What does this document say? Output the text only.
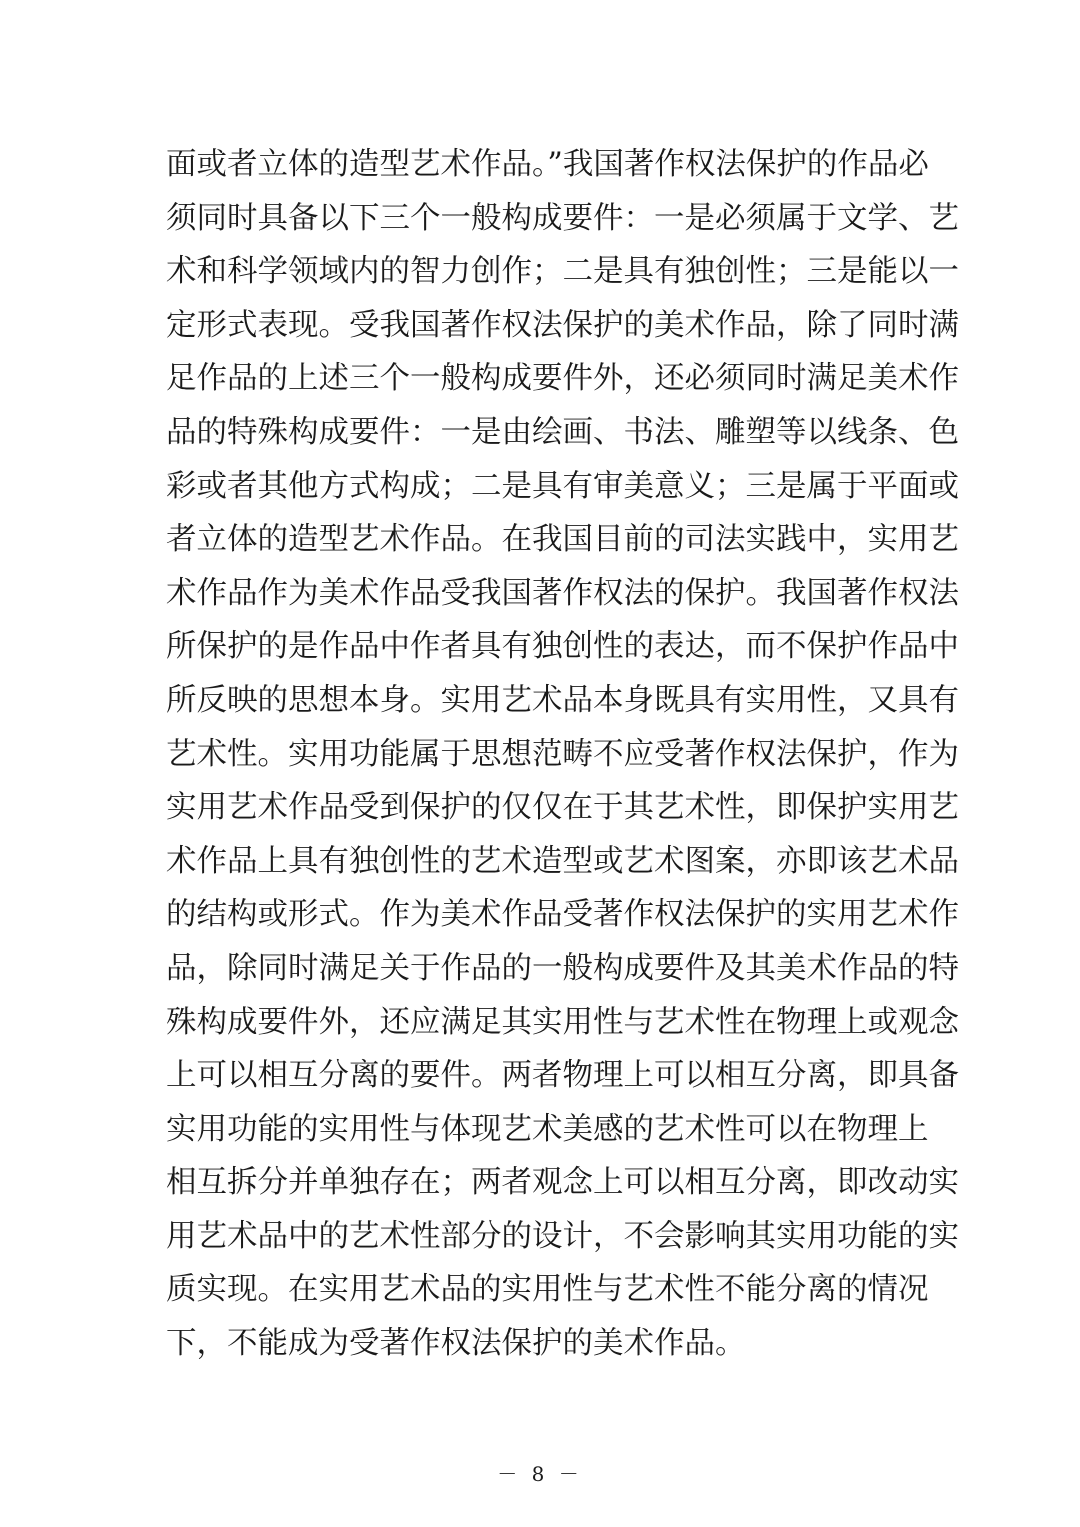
面或者立体的造型艺术作品。”我国著作权法保护的作品必
须同时具备以下三个一般构成要件：一是必须属于文学、艺
术和科学领域内的智力创作；二是具有独创性；三是能以一
定形式表现。受我国著作权法保护的美术作品，除了同时满
足作品的上述三个一般构成要件外，还必须同时满足美术作
品的特殊构成要件：一是由绘画、书法、雕塑等以线条、色
彩或者其他方式构成；二是具有审美意义；三是属于平面或
者立体的造型艺术作品。在我国目前的司法实践中，实用艺
术作品作为美术作品受我国著作权法的保护。我国著作权法
所保护的是作品中作者具有独创性的表达，而不保护作品中
所反映的思想本身。实用艺术品本身既具有实用性，又具有
艺术性。实用功能属于思想范畴不应受著作权法保护，作为
实用艺术作品受到保护的仅仅在于其艺术性，即保护实用艺
术作品上具有独创性的艺术造型或艺术图案，亦即该艺术品
的结构或形式。作为美术作品受著作权法保护的实用艺术作
品，除同时满足关于作品的一般构成要件及其美术作品的特
殊构成要件外，还应满足其实用性与艺术性在物理上或观念
上可以相互分离的要件。两者物理上可以相互分离，即具备
实用功能的实用性与体现艺术美感的艺术性可以在物理上
相互拆分并单独存在；两者观念上可以相互分离，即改动实
用艺术品中的艺术性部分的设计，不会影响其实用功能的实
质实现。在实用艺术品的实用性与艺术性不能分离的情况
下，不能成为受著作权法保护的美术作品。
－ 8 －
